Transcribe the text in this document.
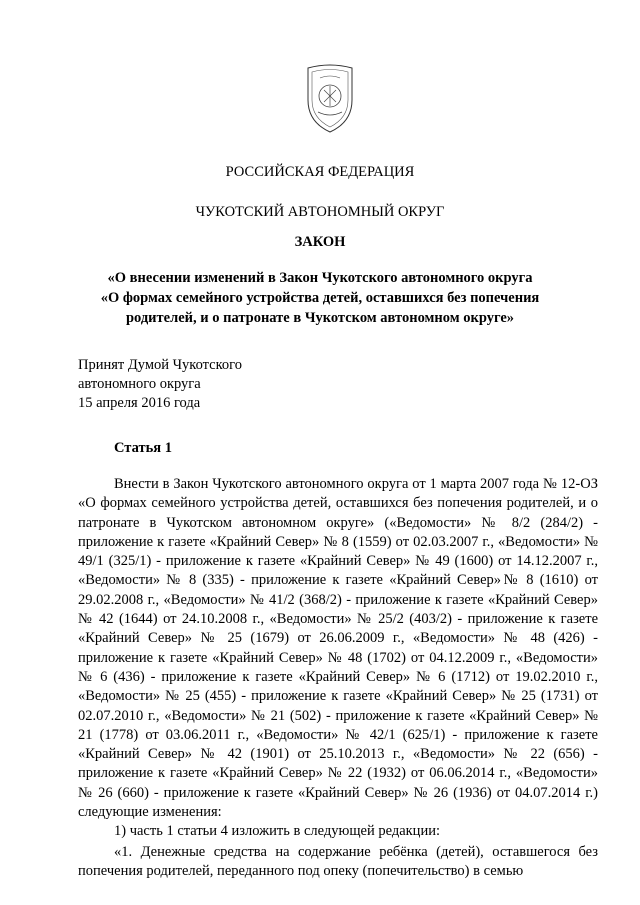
РОССИЙСКАЯ ФЕДЕРАЦИЯ
ЧУКОТСКИЙ АВТОНОМНЫЙ ОКРУГ
ЗАКОН
«О внесении изменений в Закон Чукотского автономного округа
«О формах семейного устройства детей, оставшихся без попечения
родителей, и о патронате в Чукотском автономном округе»
Принят Думой Чукотского
автономного округа
15 апреля 2016 года
Статья 1
Внести в Закон Чукотского автономного округа от 1 марта 2007 года № 12-ОЗ «О формах семейного устройства детей, оставшихся без попечения родителей, и о патронате в Чукотском автономном округе» («Ведомости» № 8/2 (284/2) - приложение к газете «Крайний Север» № 8 (1559) от 02.03.2007 г., «Ведомости» № 49/1 (325/1) - приложение к газете «Крайний Север» № 49 (1600) от 14.12.2007 г., «Ведомости» № 8 (335) - приложение к газете «Крайний Север»№ 8 (1610) от 29.02.2008 г., «Ведомости» № 41/2 (368/2) - приложение к газете «Крайний Север» № 42 (1644) от 24.10.2008 г., «Ведомости» № 25/2 (403/2) - приложение к газете «Крайний Север» № 25 (1679) от 26.06.2009 г., «Ведомости» № 48 (426) - приложение к газете «Крайний Север» № 48 (1702) от 04.12.2009 г., «Ведомости» № 6 (436) - приложение к газете «Крайний Север» № 6 (1712) от 19.02.2010 г., «Ведомости» № 25 (455) - приложение к газете «Крайний Север» № 25 (1731) от 02.07.2010 г., «Ведомости» № 21 (502) - приложение к газете «Крайний Север» № 21 (1778) от 03.06.2011 г., «Ведомости» № 42/1 (625/1) - приложение к газете «Крайний Север» № 42 (1901) от 25.10.2013 г., «Ведомости» № 22 (656) - приложение к газете «Крайний Север» № 22 (1932) от 06.06.2014 г., «Ведомости» № 26 (660) - приложение к газете «Крайний Север» № 26 (1936) от 04.07.2014 г.) следующие изменения:
1) часть 1 статьи 4 изложить в следующей редакции:
«1. Денежные средства на содержание ребёнка (детей), оставшегося без попечения родителей, переданного под опеку (попечительство) в семью
